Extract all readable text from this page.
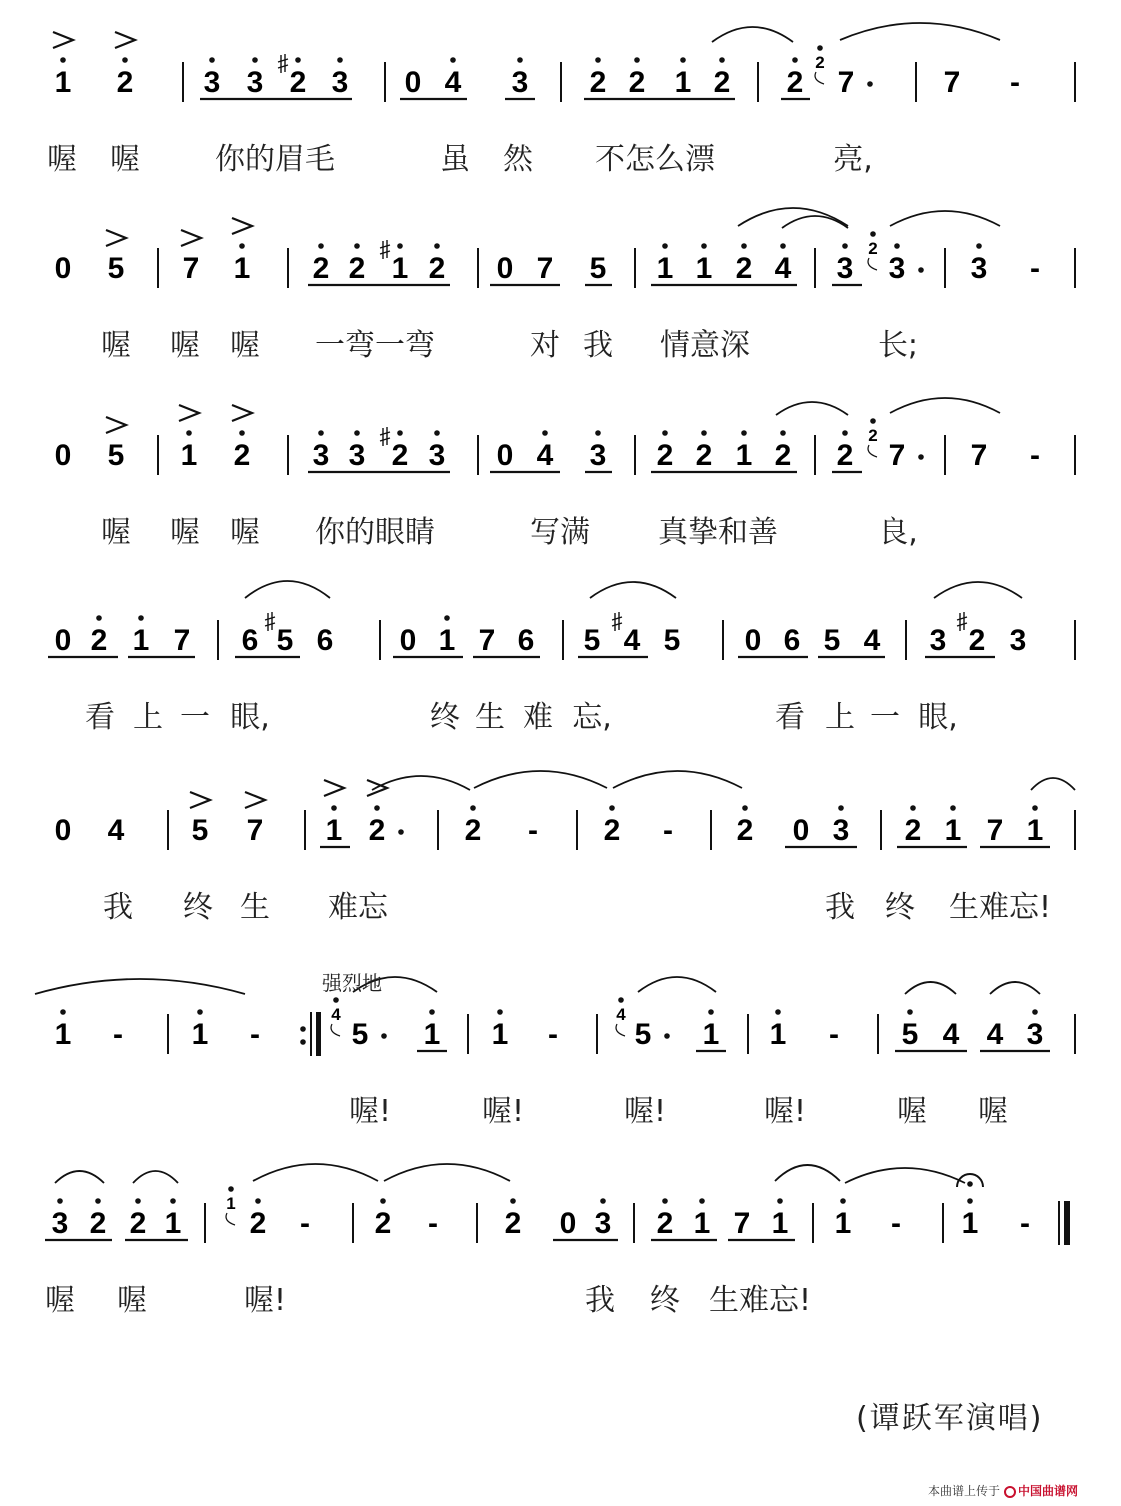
1 2 3 3 2 3 0 4 3 2 2 1 2 2 7	7 -
2
喔 喔	你的眉毛	虽 然 不怎么漂	亮,
0 5 7 1 2 2 1 2 0 7 5 1 1 2 4 3 3 3 -
2
喔 喔 喔 一弯一弯	对 我 情意深	长;
0 5 1 2 3 3 2 3 0 4 3 2 2 1 2 2 7 7 -
2
喔 喔 喔 你的眼睛	写满 真挚和善	良,
0 2 1 7 6 5 6 0 1 7 6 5 4 5 0 6 5 4 3 2 3
看 上 一 眼,	终 生 难 忘,	看 上 一 眼,
0 4 5 7 1 2	2 - 2 - 2 0 3 2 1 7 1
我 终 生 难忘	我 终 生难忘!
1 - 1 -	5 1 1 -	5 1 1 - 5 4 4 3
4	4
喔!	喔!	喔!	喔!	喔 喔
3 2 2 1 2 - 2 - 2 0 3 2 1 7 1 1 - 1 -
1
喔 喔	喔!	我 终 生难忘!
强烈地
(谭跃军演唱)
本曲谱上传于 中国曲谱网
